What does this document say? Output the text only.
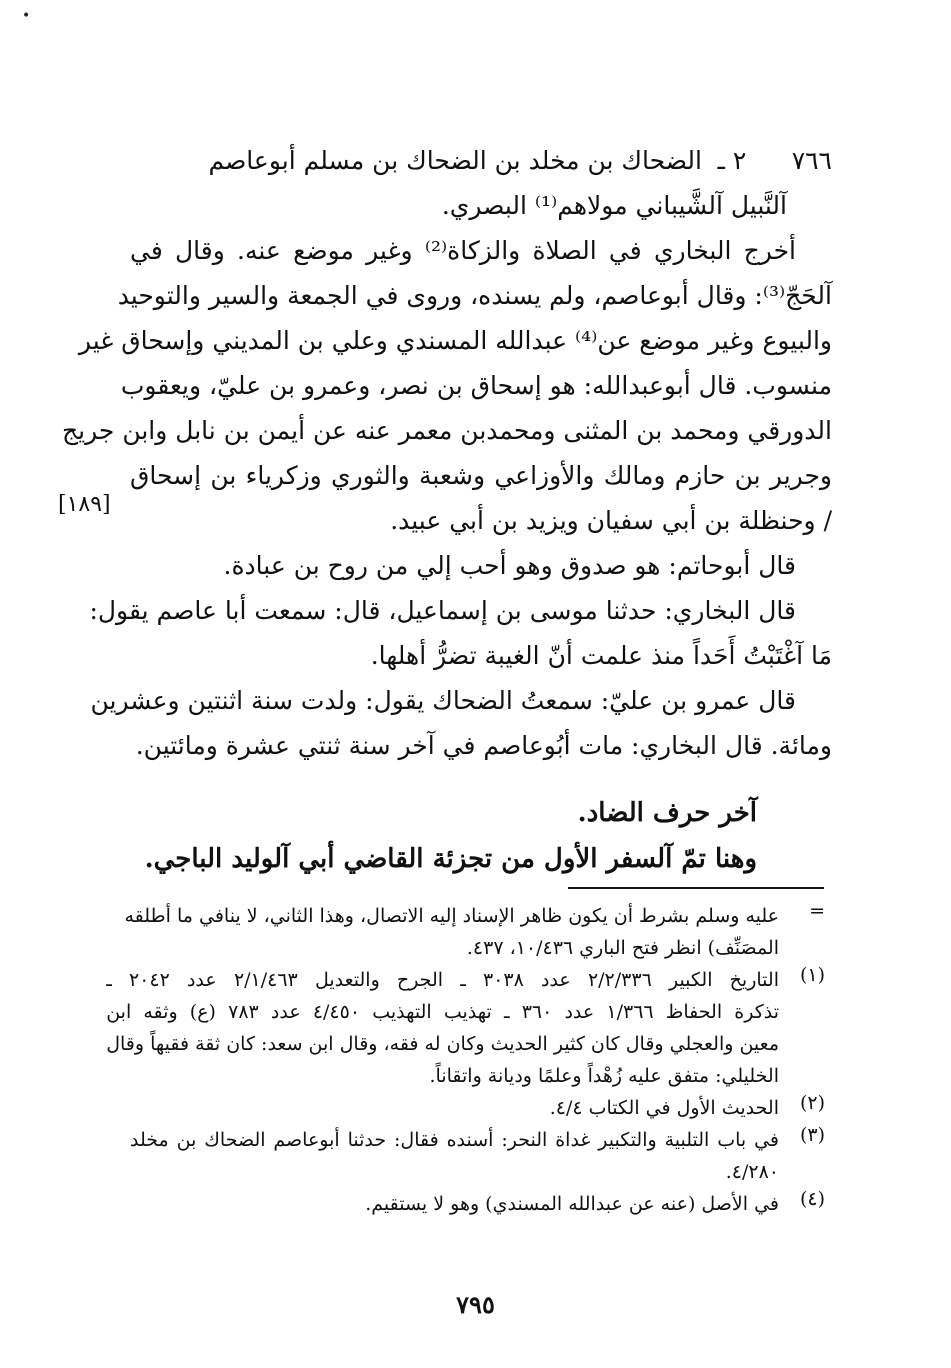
•
٧٦٦
٢ ـ
الضحاك بن مخلد بن الضحاك بن مسلم أبوعاصم
آلنَّبيل آلشَّيباني مولاهم⁽¹⁾ البصري.
أخرج البخاري في الصلاة والزكاة⁽²⁾ وغير موضع عنه. وقال في
آلحَجّ⁽³⁾: وقال أبوعاصم، ولم يسنده، وروى في الجمعة والسير والتوحيد
والبيوع وغير موضع عن⁽⁴⁾ عبدالله المسندي وعلي بن المديني وإسحاق غير
منسوب. قال أبوعبدالله: هو إسحاق بن نصر، وعمرو بن عليّ، ويعقوب
الدورقي ومحمد بن المثنى ومحمدبن معمر عنه عن أيمن بن نابل وابن جريج
وجرير بن حازم ومالك والأوزاعي وشعبة والثوري وزكرياء بن إسحاق
/ وحنظلة بن أبي سفيان ويزيد بن أبي عبيد.
قال أبوحاتم: هو صدوق وهو أحب إلي من روح بن عبادة.
قال البخاري: حدثنا موسى بن إسماعيل، قال: سمعت أبا عاصم يقول:
مَا آغْتَبْتُ أَحَداً منذ علمت أنّ الغيبة تضرُّ أهلها.
قال عمرو بن عليّ: سمعتُ الضحاك يقول: ولدت سنة اثنتين وعشرين
ومائة. قال البخاري: مات أبُوعاصم في آخر سنة ثنتي عشرة ومائتين.
آخر حرف الضاد.
وهنا تمّ آلسفر الأول من تجزئة القاضي أبي آلوليد الباجي.
[١٨٩]
=
عليه وسلم بشرط أن يكون ظاهر الإسناد إليه الاتصال، وهذا الثاني، لا ينافي ما أطلقه
المصَنِّف) انظر فتح الباري ١٠/٤٣٦، ٤٣٧.
(١)
التاريخ الكبير ٢/٢/٣٣٦ عدد ٣٠٣٨ ـ الجرح والتعديل ٢/١/٤٦٣ عدد ٢٠٤٢ ـ
تذكرة الحفاظ ١/٣٦٦ عدد ٣٦٠ ـ تهذيب التهذيب ٤/٤٥٠ عدد ٧٨٣ (ع) وثقه ابن
معين والعجلي وقال كان كثير الحديث وكان له فقه، وقال ابن سعد: كان ثقة فقيهاً وقال
الخليلي: متفق عليه زُهْداً وعلمًا وديانة واتقاناً.
(٢)
الحديث الأول في الكتاب ٤/٤.
(٣)
في باب التلبية والتكبير غداة النحر: أسنده فقال: حدثنا أبوعاصم الضحاك بن مخلد
٤/٢٨٠.
(٤)
في الأصل (عنه عن عبدالله المسندي) وهو لا يستقيم.
٧٩٥
